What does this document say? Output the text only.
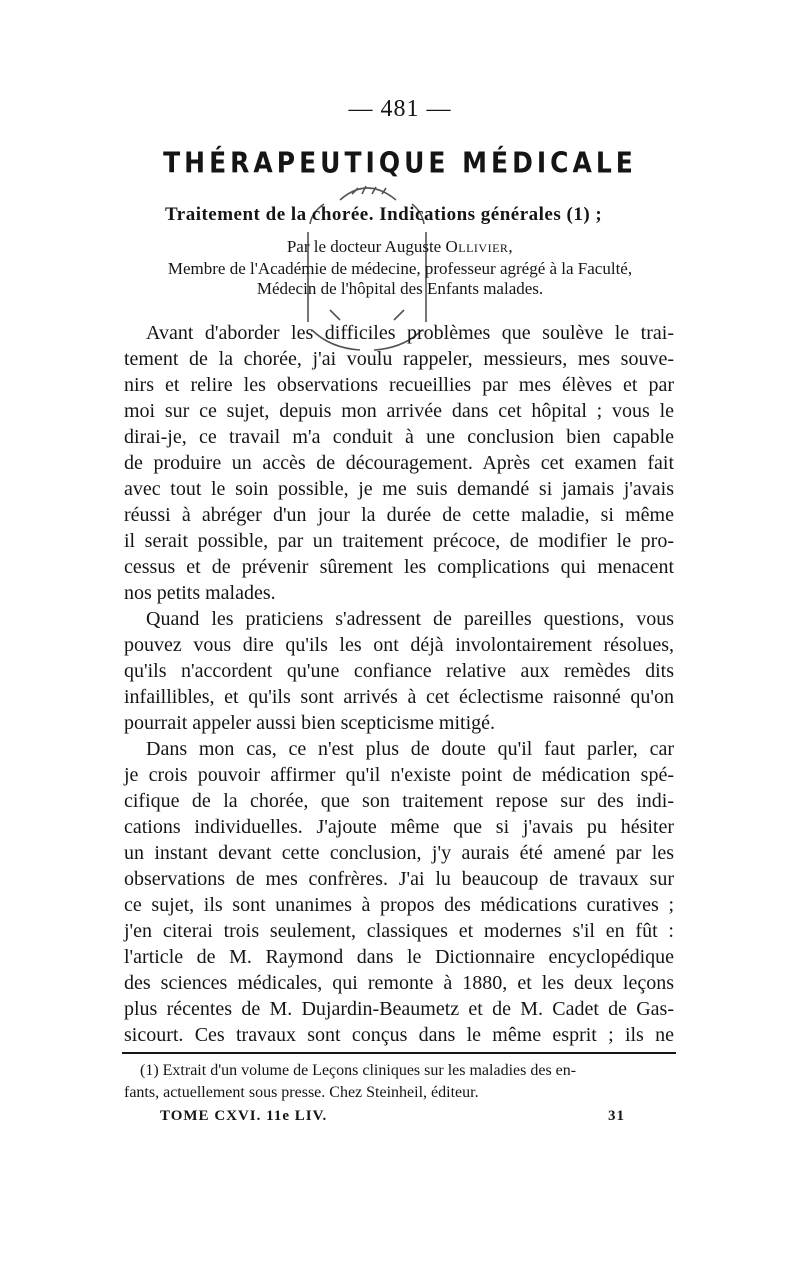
— 481 —
THÉRAPEUTIQUE MÉDICALE
Traitement de la chorée. Indications générales (1) ;
Par le docteur Auguste Ollivier,
Membre de l'Académie de médecine, professeur agrégé à la Faculté,
Médecin de l'hôpital des Enfants malades.
Avant d'aborder les difficiles problèmes que soulève le trai-
tement de la chorée, j'ai voulu rappeler, messieurs, mes souve-
nirs et relire les observations recueillies par mes élèves et par
moi sur ce sujet, depuis mon arrivée dans cet hôpital ; vous le
dirai-je, ce travail m'a conduit à une conclusion bien capable
de produire un accès de découragement. Après cet examen fait
avec tout le soin possible, je me suis demandé si jamais j'avais
réussi à abréger d'un jour la durée de cette maladie, si même
il serait possible, par un traitement précoce, de modifier le pro-
cessus et de prévenir sûrement les complications qui menacent
nos petits malades.
Quand les praticiens s'adressent de pareilles questions, vous
pouvez vous dire qu'ils les ont déjà involontairement résolues,
qu'ils n'accordent qu'une confiance relative aux remèdes dits
infaillibles, et qu'ils sont arrivés à cet éclectisme raisonné qu'on
pourrait appeler aussi bien scepticisme mitigé.
Dans mon cas, ce n'est plus de doute qu'il faut parler, car
je crois pouvoir affirmer qu'il n'existe point de médication spé-
cifique de la chorée, que son traitement repose sur des indi-
cations individuelles. J'ajoute même que si j'avais pu hésiter
un instant devant cette conclusion, j'y aurais été amené par les
observations de mes confrères. J'ai lu beaucoup de travaux sur
ce sujet, ils sont unanimes à propos des médications curatives ;
j'en citerai trois seulement, classiques et modernes s'il en fût :
l'article de M. Raymond dans le Dictionnaire encyclopédique
des sciences médicales, qui remonte à 1880, et les deux leçons
plus récentes de M. Dujardin-Beaumetz et de M. Cadet de Gas-
sicourt. Ces travaux sont conçus dans le même esprit ; ils ne
(1) Extrait d'un volume de Leçons cliniques sur les maladies des en-
fants, actuellement sous presse. Chez Steinheil, éditeur.
TOME CXVI. 11e LIV.	31
